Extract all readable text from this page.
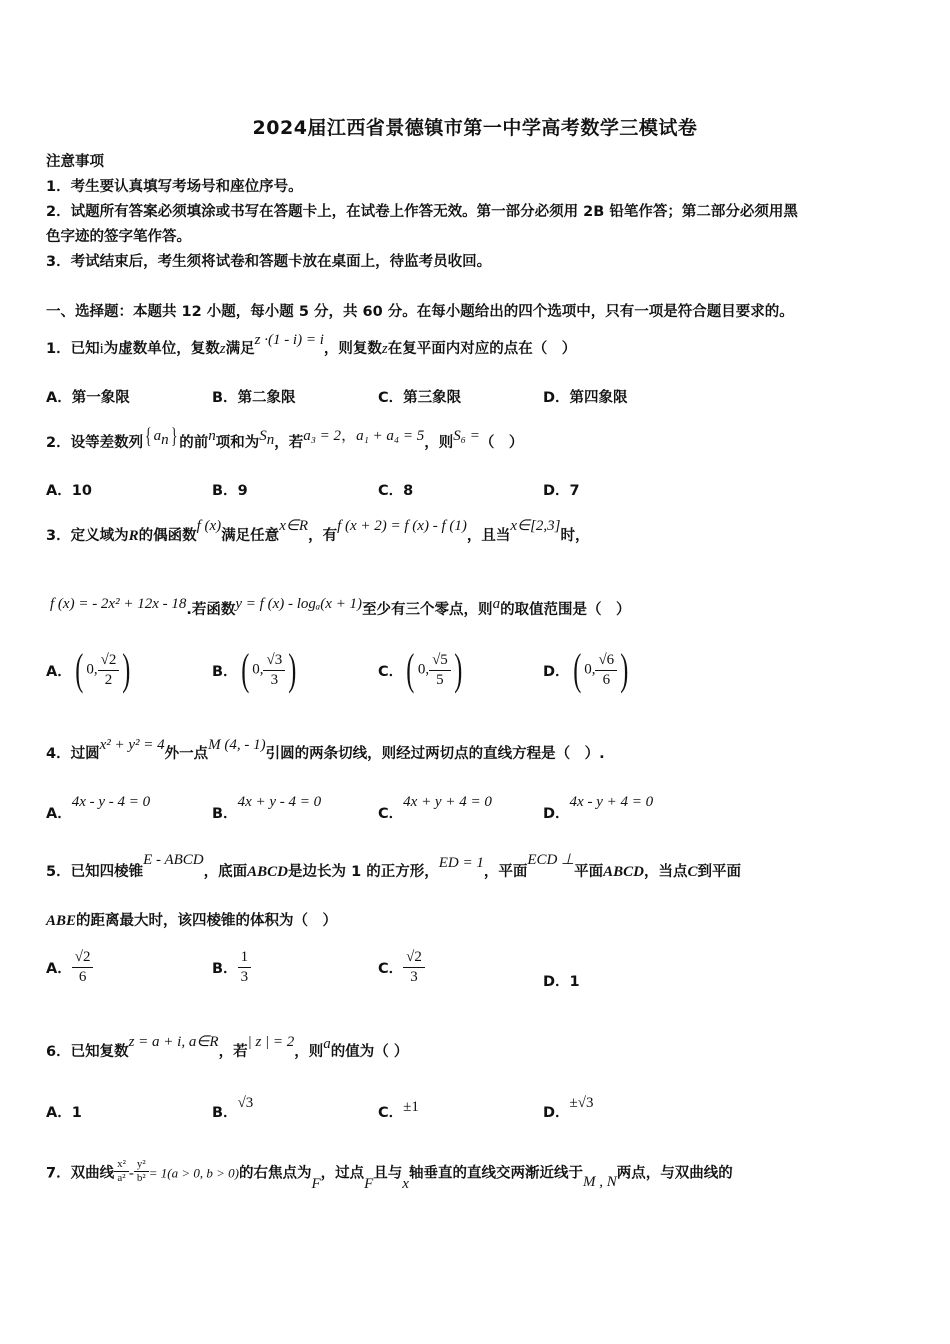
2024届江西省景德镇市第一中学高考数学三模试卷
注意事项
1．考生要认真填写考场号和座位序号。
2．试题所有答案必须填涂或书写在答题卡上，在试卷上作答无效。第一部分必须用 2B 铅笔作答；第二部分必须用黑
色字迹的签字笔作答。
3．考试结束后，考生须将试卷和答题卡放在桌面上，待监考员收回。
一、选择题：本题共 12 小题，每小题 5 分，共 60 分。在每小题给出的四个选项中，只有一项是符合题目要求的。
1．已知i为虚数单位，复数z满足z ·(1 - i) = i，则复数z在复平面内对应的点在（　）
A．第一象限	B．第二象限	C．第三象限	D．第四象限
2．设等差数列{ $a_n$} 的前n项和为$S_n$，若a₃ = 2，a₁ + a₄ = 5，则S₆ =（　）
A．10	B．9	C．8	D．7
3．定义域为R的偶函数f (x)满足任意x∈R，有f (x + 2) = f (x) - f (1)，且当x∈[2,3]时，
f (x) = - 2x² + 12x - 18.若函数y = f (x) - logₐ(x + 1)至少有三个零点，则a的取值范围是（　）
A．( 0, $\frac{√2}{2}$ )	B．( 0, $\frac{√3}{3}$ )	C．( 0, $\frac{√5}{5}$ )	D．( 0, $\frac{√6}{6}$ )
4．过圆x² + y² = 4外一点M (4, - 1)引圆的两条切线，则经过两切点的直线方程是（　）.
A．4x - y - 4 = 0
B．4x + y - 4 = 0
C．4x + y + 4 = 0
D．4x - y + 4 = 0
5．已知四棱锥E - ABCD，底面ABCD是边长为 1 的正方形，ED = 1，平面ECD ⊥平面ABCD，当点C到平面
ABE的距离最大时，该四棱锥的体积为（　）
A． $\frac{√2}{6}$	B． $\frac{1}{3}$	C． $\frac{√2}{3}$	D．1
6．已知复数z = a + i, a∈R，若| z | = 2，则a的值为（ ）
A．1	B．√3
C．±1	D．±√3
7．双曲线 $\frac{\text{x²}}{\text{a²}} - \frac{\text{y²}}{\text{b²}} = 1(a > 0$, b > 0)的右焦点为F，过点F且与x轴垂直的直线交两渐近线于M , N两点，与双曲线的
